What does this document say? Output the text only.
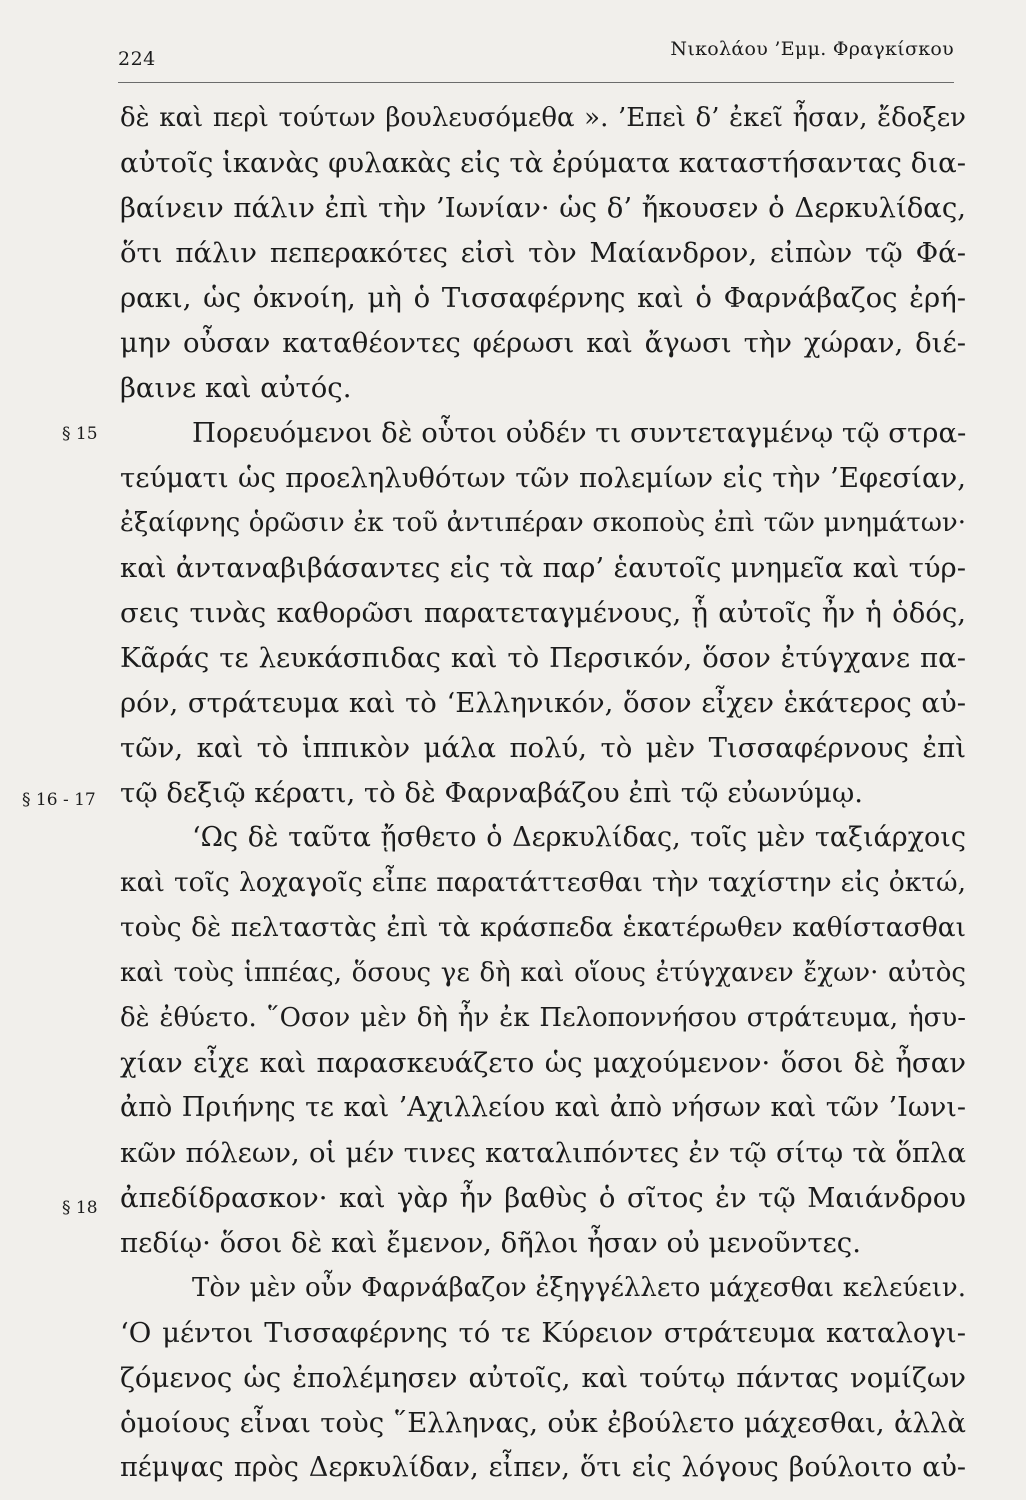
224	Νικολάου ’Εμμ. Φραγκίσκου
§ 15
§ 16 - 17
§ 18
δὲ καὶ περὶ τούτων βουλευσόμεθα ». ’Επεὶ δ’ ἐκεῖ ἦσαν, ἔδοξεν
αὐτοῖς ἱκανὰς φυλακὰς εἰς τὰ ἐρύματα καταστήσαντας δια-
βαίνειν πάλιν ἐπὶ τὴν ’Ιωνίαν· ὡς δ’ ἤκουσεν ὁ Δερκυλίδας,
ὅτι πάλιν πεπερακότες εἰσὶ τὸν Μαίανδρον, εἰπὼν τῷ Φά-
ρακι, ὡς ὀκνοίη, μὴ ὁ Τισσαφέρνης καὶ ὁ Φαρνάβαζος ἐρή-
μην οὖσαν καταθέοντες φέρωσι καὶ ἄγωσι τὴν χώραν, διέ-
βαινε καὶ αὐτός.
Πορευόμενοι δὲ οὗτοι οὐδέν τι συντεταγμένῳ τῷ στρα-
τεύματι ὡς προεληλυθότων τῶν πολεμίων εἰς τὴν ’Εφεσίαν,
ἐξαίφνης ὁρῶσιν ἐκ τοῦ ἀντιπέραν σκοποὺς ἐπὶ τῶν μνημάτων·
καὶ ἀνταναβιβάσαντες εἰς τὰ παρ’ ἑαυτοῖς μνημεῖα καὶ τύρ-
σεις τινὰς καθορῶσι παρατεταγμένους, ᾗ αὐτοῖς ἦν ἡ ὁδός,
Κᾶράς τε λευκάσπιδας καὶ τὸ Περσικόν, ὅσον ἐτύγχανε πα-
ρόν, στράτευμα καὶ τὸ ‘Ελληνικόν, ὅσον εἶχεν ἑκάτερος αὐ-
τῶν, καὶ τὸ ἱππικὸν μάλα πολύ, τὸ μὲν Τισσαφέρνους ἐπὶ
τῷ δεξιῷ κέρατι, τὸ δὲ Φαρναβάζου ἐπὶ τῷ εὐωνύμῳ.
‘Ως δὲ ταῦτα ᾔσθετο ὁ Δερκυλίδας, τοῖς μὲν ταξιάρχοις
καὶ τοῖς λοχαγοῖς εἶπε παρατάττεσθαι τὴν ταχίστην εἰς ὀκτώ,
τοὺς δὲ πελταστὰς ἐπὶ τὰ κράσπεδα ἑκατέρωθεν καθίστασθαι
καὶ τοὺς ἱππέας, ὅσους γε δὴ καὶ οἵους ἐτύγχανεν ἔχων· αὐτὸς
δὲ ἐθύετο. ῞Οσον μὲν δὴ ἦν ἐκ Πελοποννήσου στράτευμα, ἡσυ-
χίαν εἶχε καὶ παρασκευάζετο ὡς μαχούμενον· ὅσοι δὲ ἦσαν
ἀπὸ Πριήνης τε καὶ ’Αχιλλείου καὶ ἀπὸ νήσων καὶ τῶν ’Ιωνι-
κῶν πόλεων, οἱ μέν τινες καταλιπόντες ἐν τῷ σίτῳ τὰ ὅπλα
ἀπεδίδρασκον· καὶ γὰρ ἦν βαθὺς ὁ σῖτος ἐν τῷ Μαιάνδρου
πεδίῳ· ὅσοι δὲ καὶ ἔμενον, δῆλοι ἦσαν οὐ μενοῦντες.
Τὸν μὲν οὖν Φαρνάβαζον ἐξηγγέλλετο μάχεσθαι κελεύειν.
‘Ο μέντοι Τισσαφέρνης τό τε Κύρειον στράτευμα καταλογι-
ζόμενος ὡς ἐπολέμησεν αὐτοῖς, καὶ τούτῳ πάντας νομίζων
ὁμοίους εἶναι τοὺς ῞Ελληνας, οὐκ ἐβούλετο μάχεσθαι, ἀλλὰ
πέμψας πρὸς Δερκυλίδαν, εἶπεν, ὅτι εἰς λόγους βούλοιτο αὐ-
